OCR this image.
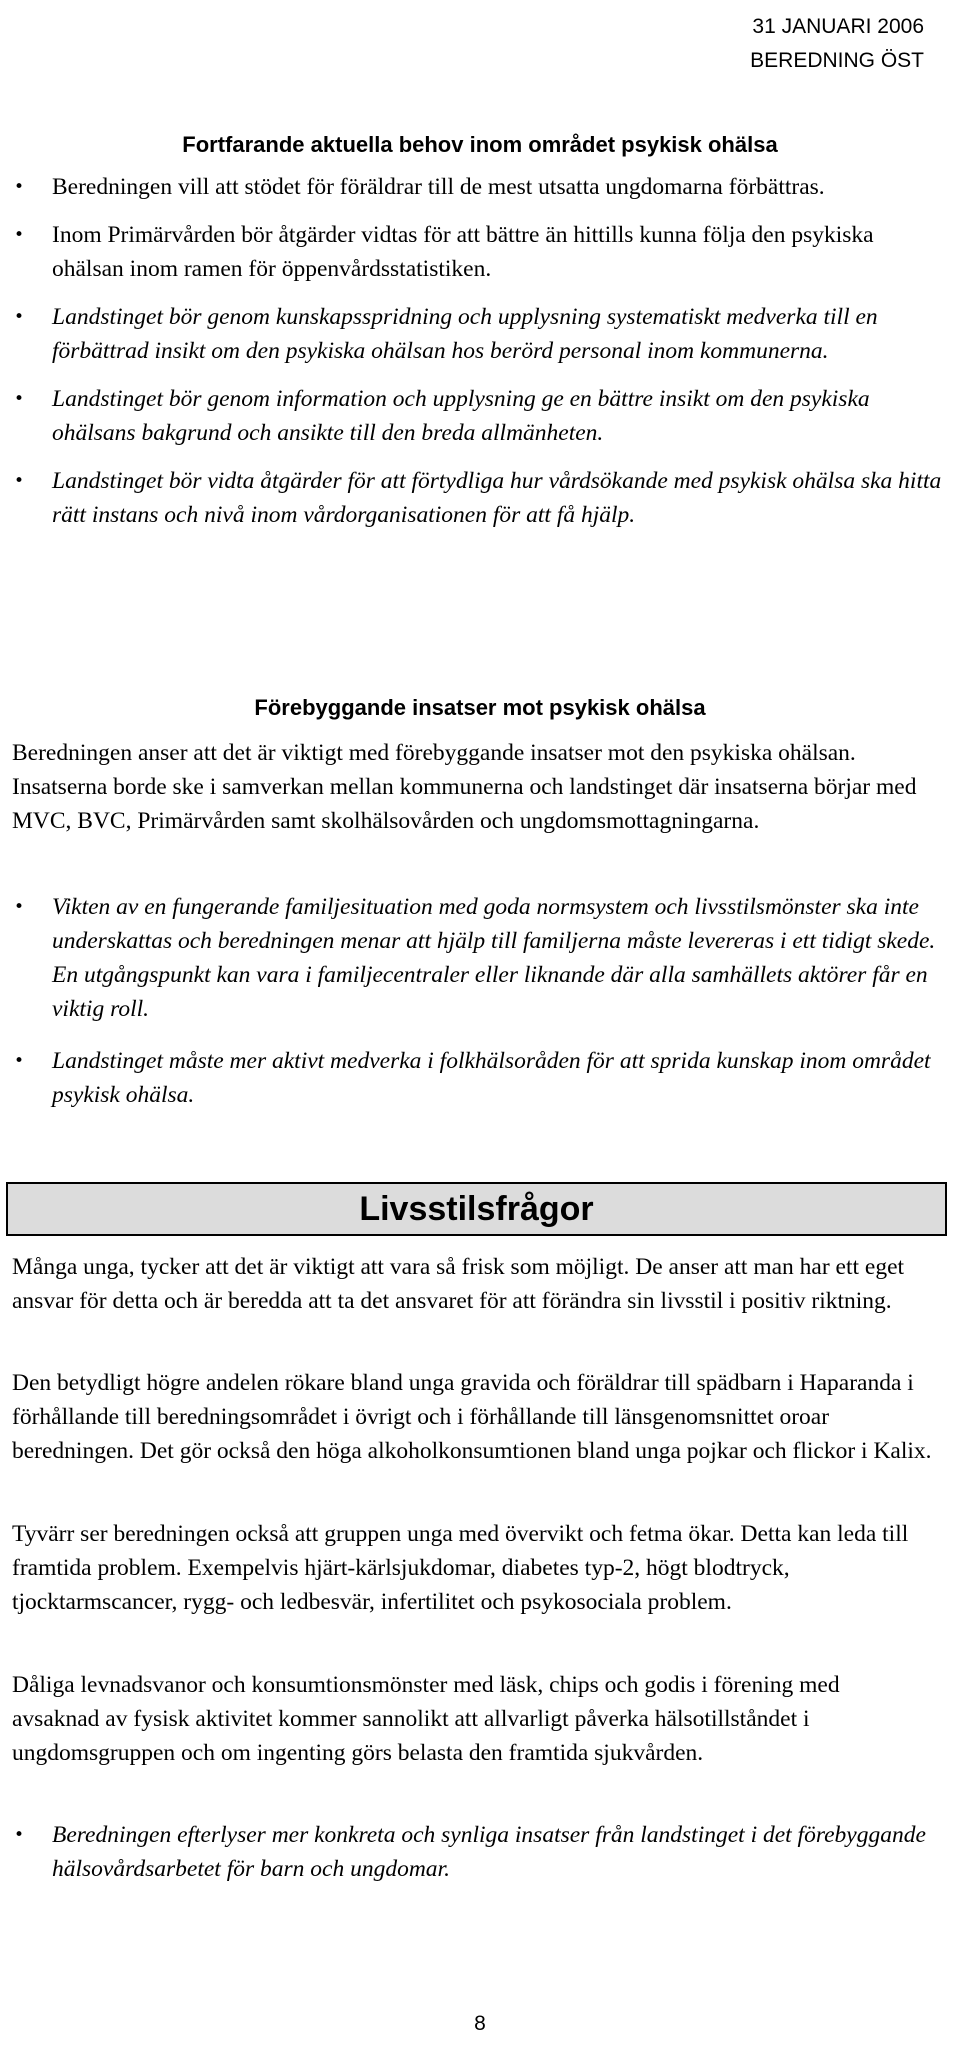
31 JANUARI 2006
BEREDNING ÖST
Fortfarande aktuella behov inom området psykisk ohälsa
• Beredningen vill att stödet för föräldrar till de mest utsatta ungdomarna förbättras.
• Inom Primärvården bör åtgärder vidtas för att bättre än hittills kunna följa den psykiska ohälsan inom ramen för öppenvårdsstatistiken.
• Landstinget bör genom kunskapsspridning och upplysning systematiskt medverka till en förbättrad insikt om den psykiska ohälsan hos berörd personal inom kommunerna.
• Landstinget bör genom information och upplysning ge en bättre insikt om den psykiska ohälsans bakgrund och ansikte till den breda allmänheten.
• Landstinget bör vidta åtgärder för att förtydliga hur vårdsökande med psykisk ohälsa ska hitta rätt instans och nivå inom vårdorganisationen för att få hjälp.
Förebyggande insatser mot psykisk ohälsa

Beredningen anser att det är viktigt med förebyggande insatser mot den psykiska ohälsan. Insatserna borde ske i samverkan mellan kommunerna och landstinget där insatserna börjar med MVC, BVC, Primärvården samt skolhälsovården och ungdomsmottagningarna.

• Vikten av en fungerande familjesituation med goda normsystem och livsstilsmönster ska inte underskattas och beredningen menar att hjälp till familjerna måste levereras i ett tidigt skede. En utgångspunkt kan vara i familjecentraler eller liknande där alla samhällets aktörer får en viktig roll.
• Landstinget måste mer aktivt medverka i folkhälsoråden för att sprida kunskap inom området psykisk ohälsa.
Livsstilsfrågor

Många unga, tycker att det är viktigt att vara så frisk som möjligt. De anser att man har ett eget ansvar för detta och är beredda att ta det ansvaret för att förändra sin livsstil i positiv riktning.

Den betydligt högre andelen rökare bland unga gravida och föräldrar till spädbarn i Haparanda i förhållande till beredningsområdet i övrigt och i förhållande till länsgenomsnittet oroar beredningen. Det gör också den höga alkoholkonsumtionen bland unga pojkar och flickor i Kalix.

Tyvärr ser beredningen också att gruppen unga med övervikt och fetma ökar. Detta kan leda till framtida problem. Exempelvis hjärt-kärlsjukdomar, diabetes typ-2, högt blodtryck, tjocktarmscancer, rygg- och ledbesvär, infertilitet och psykosociala problem.

Dåliga levnadsvanor och konsumtionsmönster med läsk, chips och godis i förening med avsaknad av fysisk aktivitet kommer sannolikt att allvarligt påverka hälsotillståndet i ungdomsgruppen och om ingenting görs belasta den framtida sjukvården.

• Beredningen efterlyser mer konkreta och synliga insatser från landstinget i det förebyggande hälsovårdsarbetet för barn och ungdomar.
8
